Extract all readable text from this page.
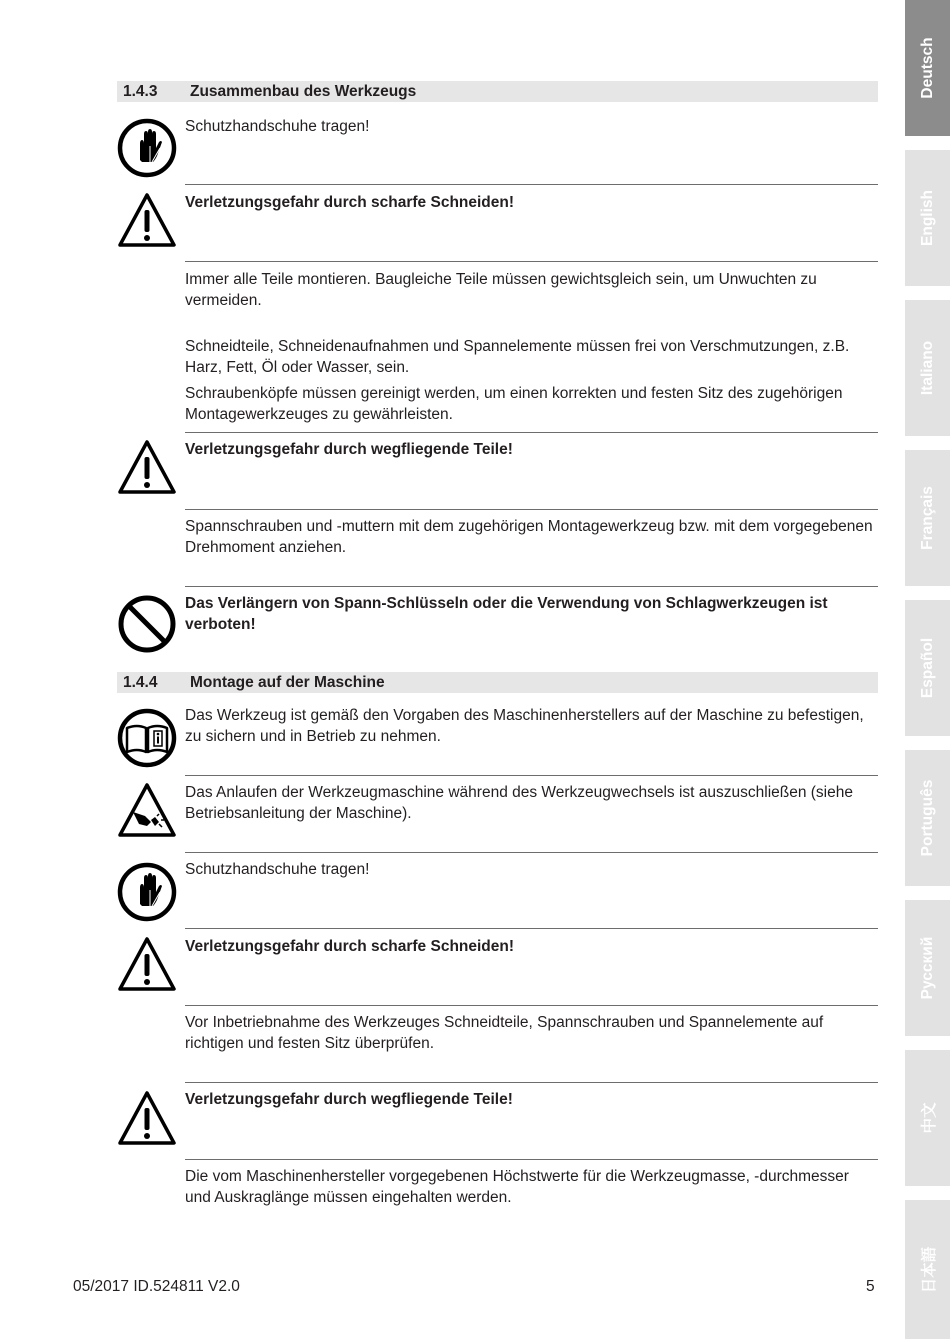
1.4.3 Zusammenbau des Werkzeugs

Schutzhandschuhe tragen!

Verletzungsgefahr durch scharfe Schneiden!

Immer alle Teile montieren. Baugleiche Teile müssen gewichtsgleich sein, um Unwuchten zu vermeiden.

Schneidteile, Schneidenaufnahmen und Spannelemente müssen frei von Verschmutzungen, z.B. Harz, Fett, Öl oder Wasser, sein.

Schraubenköpfe müssen gereinigt werden, um einen korrekten und festen Sitz des zugehörigen Montagewerkzeuges zu gewährleisten.

Verletzungsgefahr durch wegfliegende Teile!

Spannschrauben und -muttern mit dem zugehörigen Montagewerkzeug bzw. mit dem vorgegebenen Drehmoment anziehen.

Das Verlängern von Spann-Schlüsseln oder die Verwendung von Schlagwerkzeugen ist verboten!

1.4.4 Montage auf der Maschine

Das Werkzeug ist gemäß den Vorgaben des Maschinenherstellers auf der Maschine zu befestigen, zu sichern und in Betrieb zu nehmen.

Das Anlaufen der Werkzeugmaschine während des Werkzeugwechsels ist auszuschließen (siehe Betriebsanleitung der Maschine).

Schutzhandschuhe tragen!

Verletzungsgefahr durch scharfe Schneiden!

Vor Inbetriebnahme des Werkzeuges Schneidteile, Spannschrauben und Spannelemente auf richtigen und festen Sitz überprüfen.

Verletzungsgefahr durch wegfliegende Teile!

Die vom Maschinenhersteller vorgegebenen Höchstwerte für die Werkzeugmasse, -durchmesser und Auskraglänge müssen eingehalten werden.

05/2017 ID.524811 V2.0	5
Deutsch
English
Italiano
Français
Español
Português
Русский
中文
日本語
